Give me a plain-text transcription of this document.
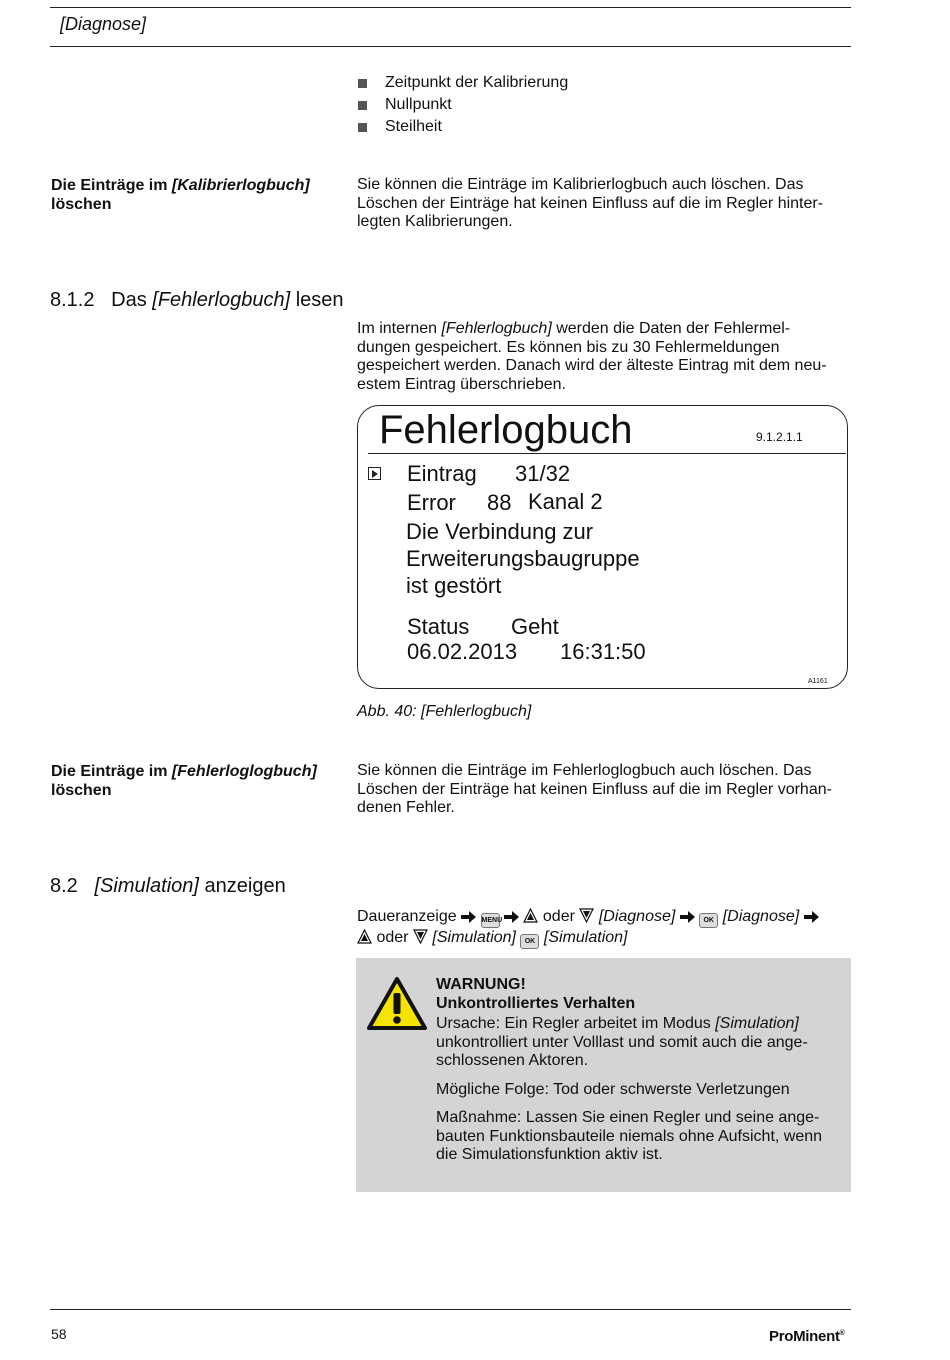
[Diagnose]
Zeitpunkt der Kalibrierung
Nullpunkt
Steilheit
Die Einträge im [Kalibrierlogbuch]
löschen
Sie können die Einträge im Kalibrierlogbuch auch löschen. Das
Löschen der Einträge hat keinen Einfluss auf die im Regler hinter-
legten Kalibrierungen.
8.1.2 Das [Fehlerlogbuch] lesen
Im internen [Fehlerlogbuch] werden die Daten der Fehlermel-
dungen gespeichert. Es können bis zu 30 Fehlermeldungen
gespeichert werden. Danach wird der älteste Eintrag mit dem neu-
estem Eintrag überschrieben.
Fehlerlogbuch	9.1.2.1.1
Eintrag 31/32
Error 88 Kanal 2
Die Verbindung zur
Erweiterungsbaugruppe
ist gestört
Status Geht
06.02.2013 16:31:50
A1161
Abb. 40: [Fehlerlogbuch]
Die Einträge im [Fehlerloglogbuch]
löschen
Sie können die Einträge im Fehlerloglogbuch auch löschen. Das
Löschen der Einträge hat keinen Einfluss auf die im Regler vorhan-
denen Fehler.
8.2 [Simulation] anzeigen
Daueranzeige	MENU	oder [Diagnose]	OK [Diagnose]
oder [Simulation] OK [Simulation]
WARNUNG!
Unkontrolliertes Verhalten
Ursache: Ein Regler arbeitet im Modus [Simulation]
unkontrolliert unter Volllast und somit auch die ange-
schlossenen Aktoren.
Mögliche Folge: Tod oder schwerste Verletzungen
Maßnahme: Lassen Sie einen Regler und seine ange-
bauten Funktionsbauteile niemals ohne Aufsicht, wenn
die Simulationsfunktion aktiv ist.
58	ProMinent®
